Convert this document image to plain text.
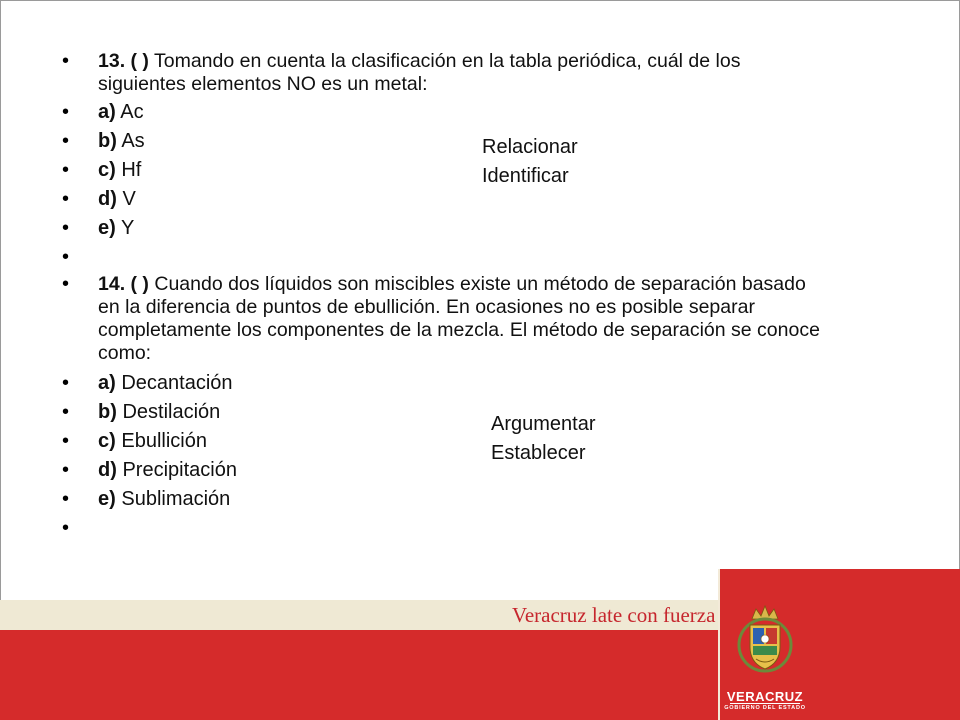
• 13. ( ) Tomando en cuenta la clasificación en la tabla periódica, cuál de los
siguientes elementos NO es un metal:
• a) Ac
• b) As
• c) Hf
• d) V
• e) Y
•
Relacionar
Identificar
• 14. ( ) Cuando dos líquidos son miscibles existe un método de separación basado
en la diferencia de puntos de ebullición. En ocasiones no es posible separar
completamente los componentes de la mezcla. El método de separación se conoce
como:
• a) Decantación
• b) Destilación
• c) Ebullición
• d) Precipitación
• e) Sublimación
•
Argumentar
Establecer
Veracruz late con fuerza
VERACRUZ
GOBIERNO DEL ESTADO
